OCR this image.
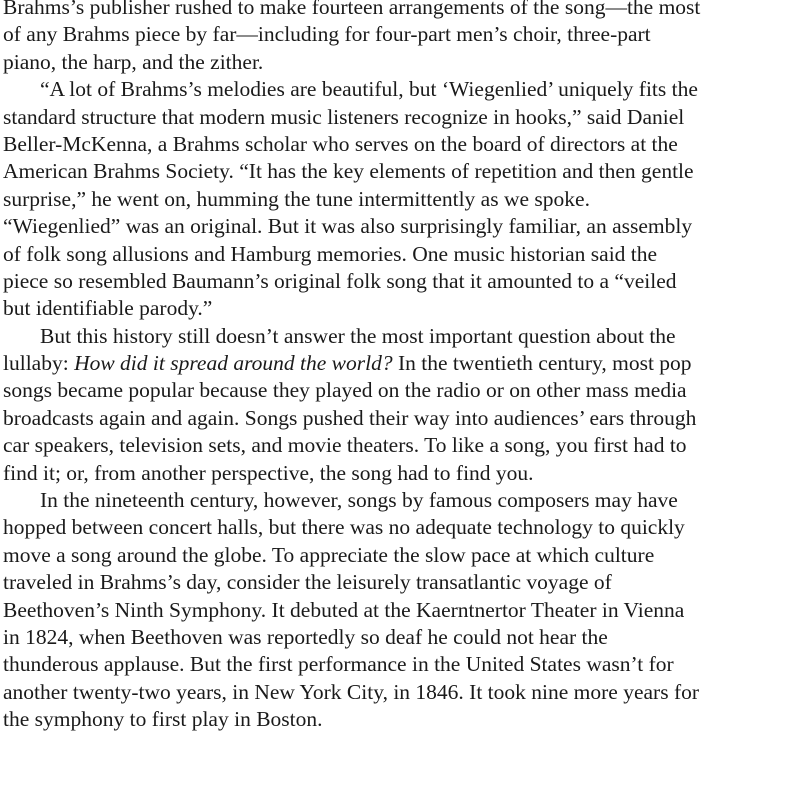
Brahms’s publisher rushed to make fourteen arrangements of the song—the most
of any Brahms piece by far—including for four-part men’s choir, three-part
piano, the harp, and the zither.
“A lot of Brahms’s melodies are beautiful, but ‘Wiegenlied’ uniquely fits the
standard structure that modern music listeners recognize in hooks,” said Daniel
Beller-McKenna, a Brahms scholar who serves on the board of directors at the
American Brahms Society. “It has the key elements of repetition and then gentle
surprise,” he went on, humming the tune intermittently as we spoke.
“Wiegenlied” was an original. But it was also surprisingly familiar, an assembly
of folk song allusions and Hamburg memories. One music historian said the
piece so resembled Baumann’s original folk song that it amounted to a “veiled
but identifiable parody.”
But this history still doesn’t answer the most important question about the
lullaby: How did it spread around the world? In the twentieth century, most pop
songs became popular because they played on the radio or on other mass media
broadcasts again and again. Songs pushed their way into audiences’ ears through
car speakers, television sets, and movie theaters. To like a song, you first had to
find it; or, from another perspective, the song had to find you.
In the nineteenth century, however, songs by famous composers may have
hopped between concert halls, but there was no adequate technology to quickly
move a song around the globe. To appreciate the slow pace at which culture
traveled in Brahms’s day, consider the leisurely transatlantic voyage of
Beethoven’s Ninth Symphony. It debuted at the Kaerntnertor Theater in Vienna
in 1824, when Beethoven was reportedly so deaf he could not hear the
thunderous applause. But the first performance in the United States wasn’t for
another twenty-two years, in New York City, in 1846. It took nine more years for
the symphony to first play in Boston.
